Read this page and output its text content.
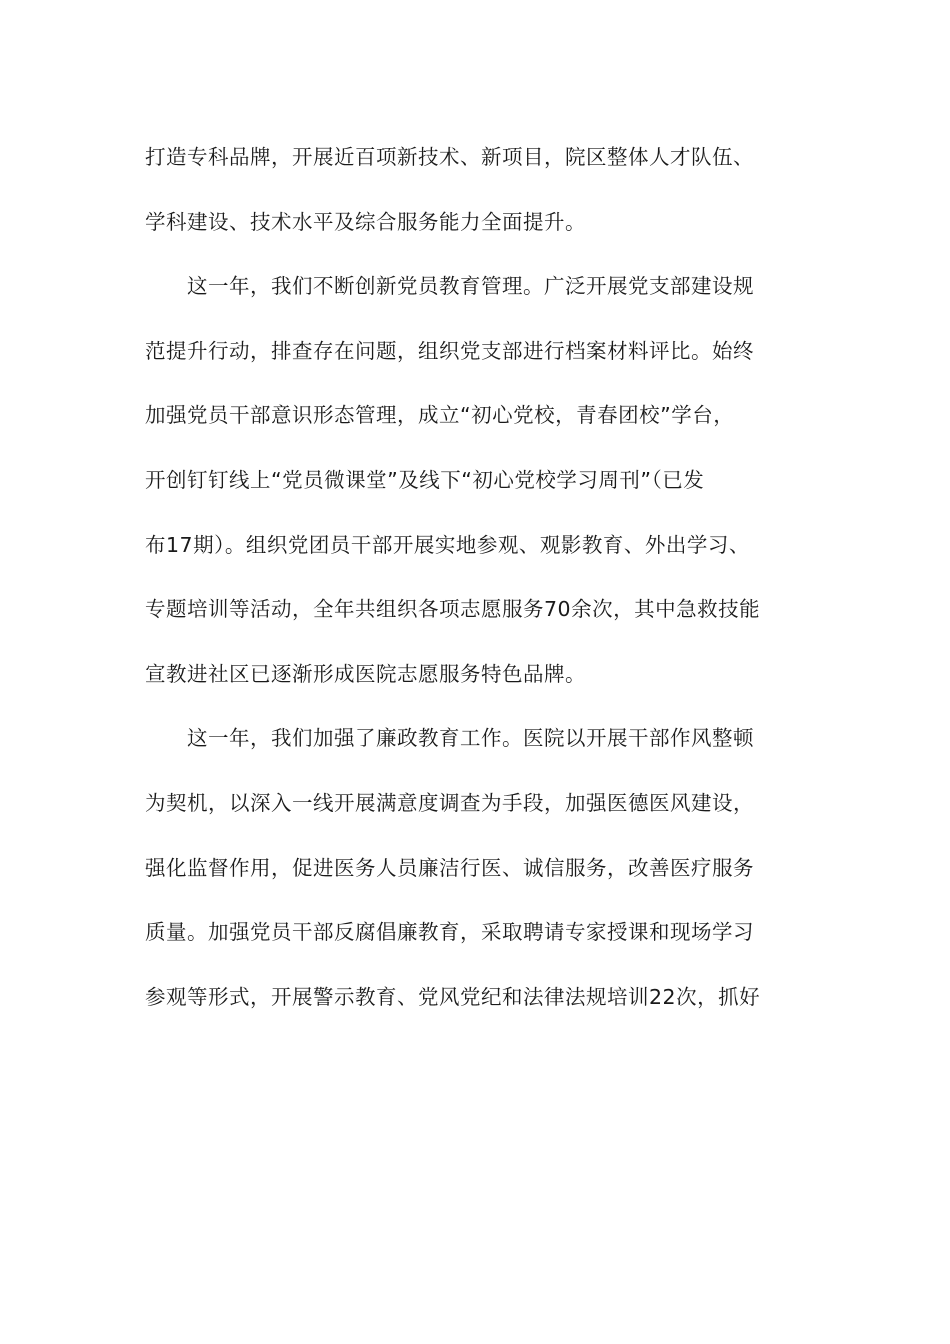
打造专科品牌，开展近百项新技术、新项目，院区整体人才队伍、
学科建设、技术水平及综合服务能力全面提升。
这一年，我们不断创新党员教育管理。广泛开展党支部建设规
范提升行动，排查存在问题，组织党支部进行档案材料评比。始终
加强党员干部意识形态管理，成立“初心党校，青春团校”学台，
开创钉钉线上“党员微课堂”及线下“初心党校学习周刊”（已发
布17期）。组织党团员干部开展实地参观、观影教育、外出学习、
专题培训等活动，全年共组织各项志愿服务70余次，其中急救技能
宣教进社区已逐渐形成医院志愿服务特色品牌。
这一年，我们加强了廉政教育工作。医院以开展干部作风整顿
为契机，以深入一线开展满意度调查为手段，加强医德医风建设，
强化监督作用，促进医务人员廉洁行医、诚信服务，改善医疗服务
质量。加强党员干部反腐倡廉教育，采取聘请专家授课和现场学习
参观等形式，开展警示教育、党风党纪和法律法规培训22次，抓好
